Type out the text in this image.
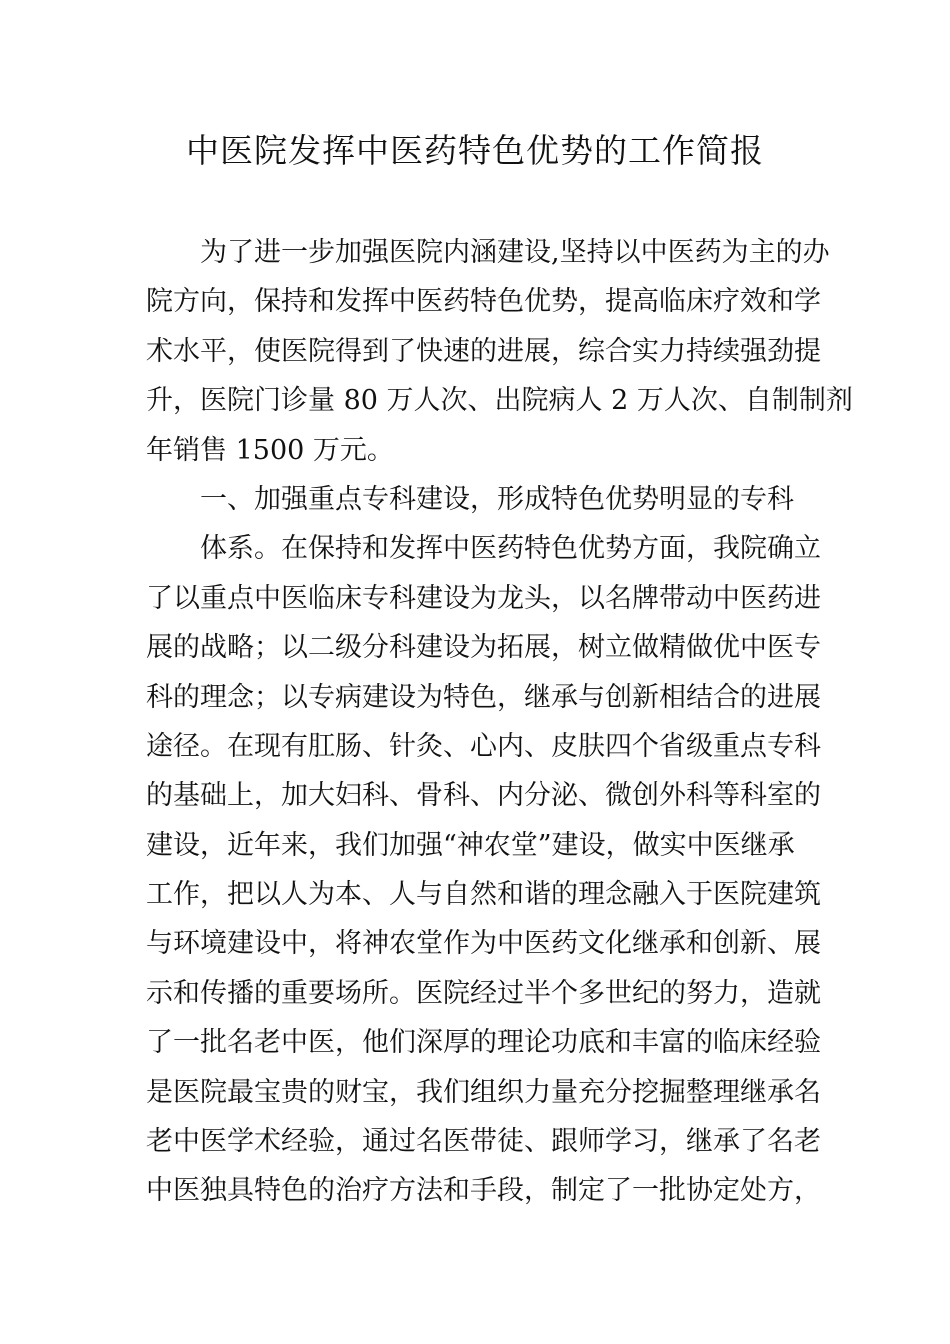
中医院发挥中医药特色优势的工作简报
为了进一步加强医院内涵建设,坚持以中医药为主的办
院方向，保持和发挥中医药特色优势，提高临床疗效和学
术水平，使医院得到了快速的进展，综合实力持续强劲提
升，医院门诊量 80 万人次、出院病人 2 万人次、自制制剂
年销售 1500 万元。
一、加强重点专科建设，形成特色优势明显的专科
体系。在保持和发挥中医药特色优势方面，我院确立
了以重点中医临床专科建设为龙头，以名牌带动中医药进
展的战略；以二级分科建设为拓展，树立做精做优中医专
科的理念；以专病建设为特色，继承与创新相结合的进展
途径。在现有肛肠、针灸、心内、皮肤四个省级重点专科
的基础上，加大妇科、骨科、内分泌、微创外科等科室的
建设，近年来，我们加强“神农堂”建设，做实中医继承
工作，把以人为本、人与自然和谐的理念融入于医院建筑
与环境建设中，将神农堂作为中医药文化继承和创新、展
示和传播的重要场所。医院经过半个多世纪的努力，造就
了一批名老中医，他们深厚的理论功底和丰富的临床经验
是医院最宝贵的财宝，我们组织力量充分挖掘整理继承名
老中医学术经验，通过名医带徒、跟师学习，继承了名老
中医独具特色的治疗方法和手段，制定了一批协定处方，
